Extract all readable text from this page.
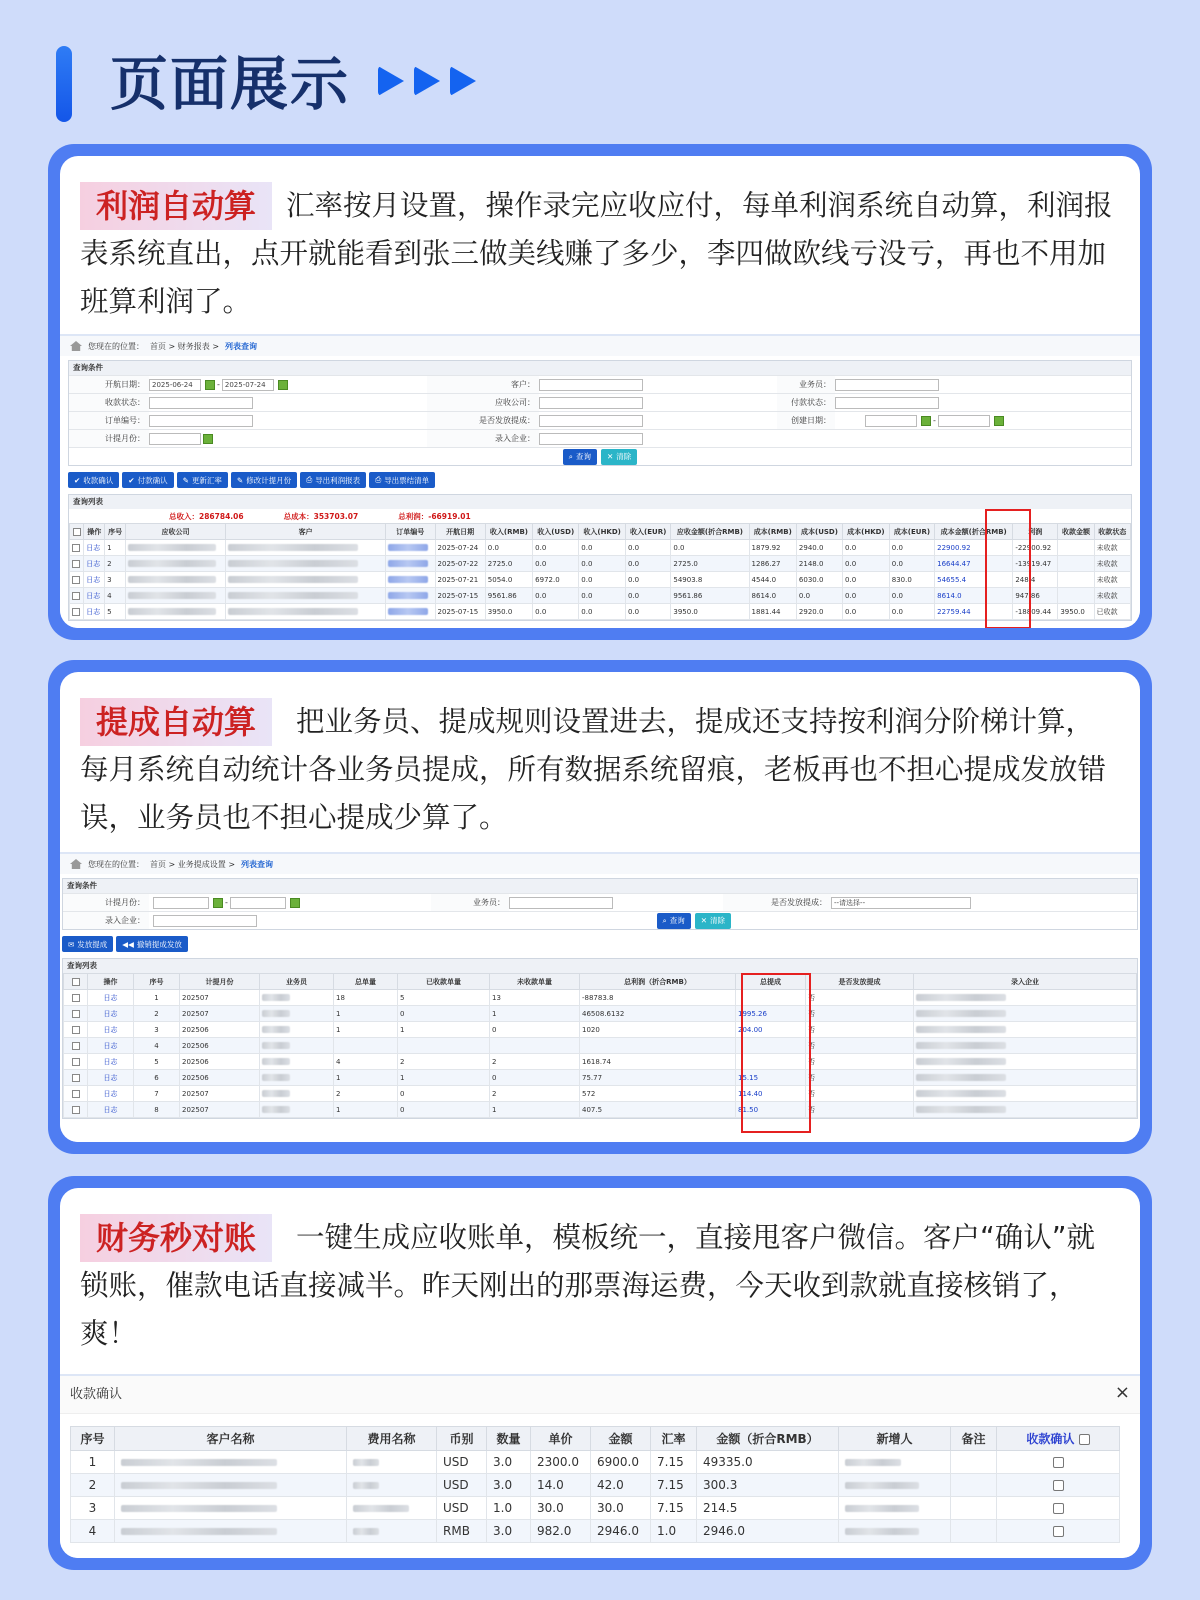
页面展示
利润自动算 汇率按月设置，操作录完应收应付，每单利润系统自动算，利润报表系统直出，点开就能看到张三做美线赚了多少，李四做欧线亏没亏，再也不用加班算利润了。
您现在的位置： 首页 > 财务报表 > 列表查询
查询条件
开航日期：	2025-06-24	- 2025-07-24	客户：	业务员：
收款状态：	应收公司：	付款状态：
订单编号：	是否发放提成：	创建日期：	-
计提月份：	录入企业：
⌕ 查询 ✕ 清除
✔ 收款确认 ✔ 付款确认 ✎ 更新汇率 ✎ 修改计提月份 ⎙ 导出利润报表 ⎙ 导出票结清单
查询列表
总收入：286784.06	总成本：353703.07	总利润：-66919.01
	操作	序号	应收公司	客户	订单编号	开航日期	收入(RMB)	收入(USD)	收入(HKD)	收入(EUR)	应收金额(折合RMB)	成本(RMB)	成本(USD)	成本(HKD)	成本(EUR)	成本金额(折合RMB)	利润	收款金额	收款状态
	日志	1				2025-07-24	0.0	0.0	0.0	0.0	0.0	1879.92	2940.0	0.0	0.0	22900.92	-22900.92		未收款
	日志	2				2025-07-22	2725.0	0.0	0.0	0.0	2725.0	1286.27	2148.0	0.0	0.0	16644.47	-13919.47		未收款
	日志	3				2025-07-21	5054.0	6972.0	0.0	0.0	54903.8	4544.0	6030.0	0.0	830.0	54655.4	248.4		未收款
	日志	4				2025-07-15	9561.86	0.0	0.0	0.0	9561.86	8614.0	0.0	0.0	0.0	8614.0	947.86		未收款
	日志	5				2025-07-15	3950.0	0.0	0.0	0.0	3950.0	1881.44	2920.0	0.0	0.0	22759.44	-18809.44	3950.0	已收款
提成自动算 把业务员、提成规则设置进去，提成还支持按利润分阶梯计算，每月系统自动统计各业务员提成，所有数据系统留痕，老板再也不担心提成发放错误，业务员也不担心提成少算了。
您现在的位置： 首页 > 业务提成设置 > 列表查询
查询条件
计提月份：	-	业务员：	是否发放提成：	--请选择--
录入企业：	⌕ 查询 ✕ 清除
✉ 发放提成 ◀◀ 撤销提成发放
查询列表
	操作	序号	计提月份	业务员	总单量	已收款单量	未收款单量	总利润（折合RMB）	总提成	是否发放提成	录入企业
	日志	1	202507		18	5	13	-88783.8		否	
	日志	2	202507		1	0	1	46508.6132	1995.26	否	
	日志	3	202506		1	1	0	1020	204.00	否	
	日志	4	202506							否	
	日志	5	202506		4	2	2	1618.74		否	
	日志	6	202506		1	1	0	75.77	15.15	否	
	日志	7	202507		2	0	2	572	114.40	否	
	日志	8	202507		1	0	1	407.5	81.50	否	
财务秒对账 一键生成应收账单，模板统一，直接甩客户微信。客户“确认”就锁账，催款电话直接减半。昨天刚出的那票海运费，今天收到款就直接核销了，爽！
收款确认	×
序号	客户名称	费用名称	币别	数量	单价	金额	汇率	金额（折合RMB）	新增人	备注	收款确认
1			USD	3.0	2300.0	6900.0	7.15	49335.0			
2			USD	3.0	14.0	42.0	7.15	300.3			
3			USD	1.0	30.0	30.0	7.15	214.5			
4			RMB	3.0	982.0	2946.0	1.0	2946.0			
